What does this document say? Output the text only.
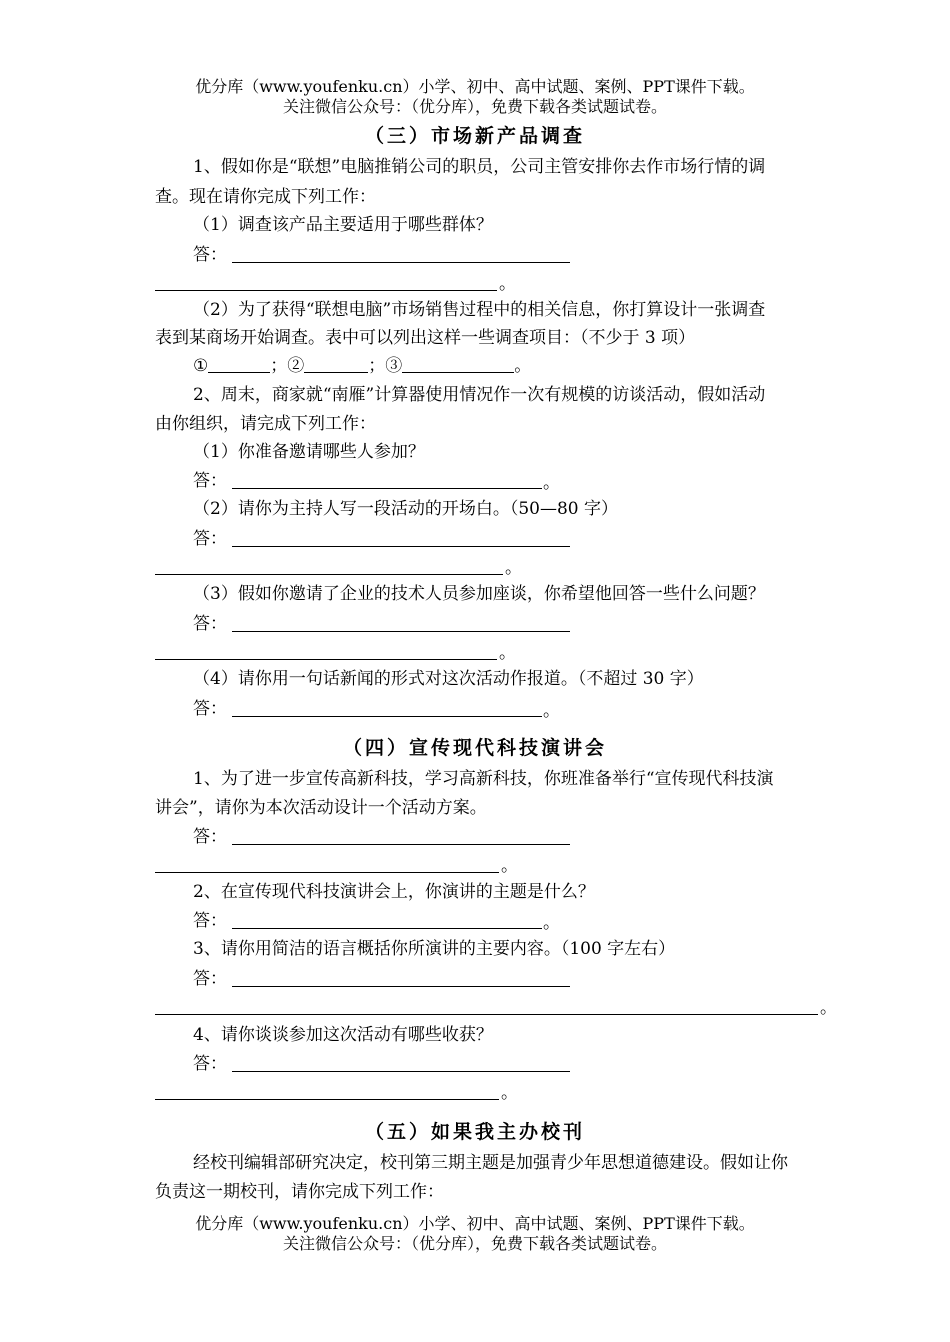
优分库（www.youfenku.cn）小学、初中、高中试题、案例、PPT课件下载。
关注微信公众号：（优分库），免费下载各类试题试卷。
（三）市场新产品调查
1、假如你是“联想”电脑推销公司的职员，公司主管安排你去作市场行情的调
查。现在请你完成下列工作：
（1）调查该产品主要适用于哪些群体？
答：
。
（2）为了获得“联想电脑”市场销售过程中的相关信息，你打算设计一张调查
表到某商场开始调查。表中可以列出这样一些调查项目：（不少于 3 项）
①	；②	；③	。
2、周末，商家就“南雁”计算器使用情况作一次有规模的访谈活动，假如活动
由你组织，请完成下列工作：
（1）你准备邀请哪些人参加？
答：	。
（2）请你为主持人写一段活动的开场白。（50—80 字）
答：
。
（3）假如你邀请了企业的技术人员参加座谈，你希望他回答一些什么问题？
答：
。
（4）请你用一句话新闻的形式对这次活动作报道。（不超过 30 字）
答：	。
（四）宣传现代科技演讲会
1、为了进一步宣传高新科技，学习高新科技，你班准备举行“宣传现代科技演
讲会”，请你为本次活动设计一个活动方案。
答：
。
2、在宣传现代科技演讲会上，你演讲的主题是什么？
答：	。
3、请你用简洁的语言概括你所演讲的主要内容。（100 字左右）
答：
。
4、请你谈谈参加这次活动有哪些收获？
答：
。
（五）如果我主办校刊
经校刊编辑部研究决定，校刊第三期主题是加强青少年思想道德建设。假如让你
负责这一期校刊，请你完成下列工作：
优分库（www.youfenku.cn）小学、初中、高中试题、案例、PPT课件下载。
关注微信公众号：（优分库），免费下载各类试题试卷。
